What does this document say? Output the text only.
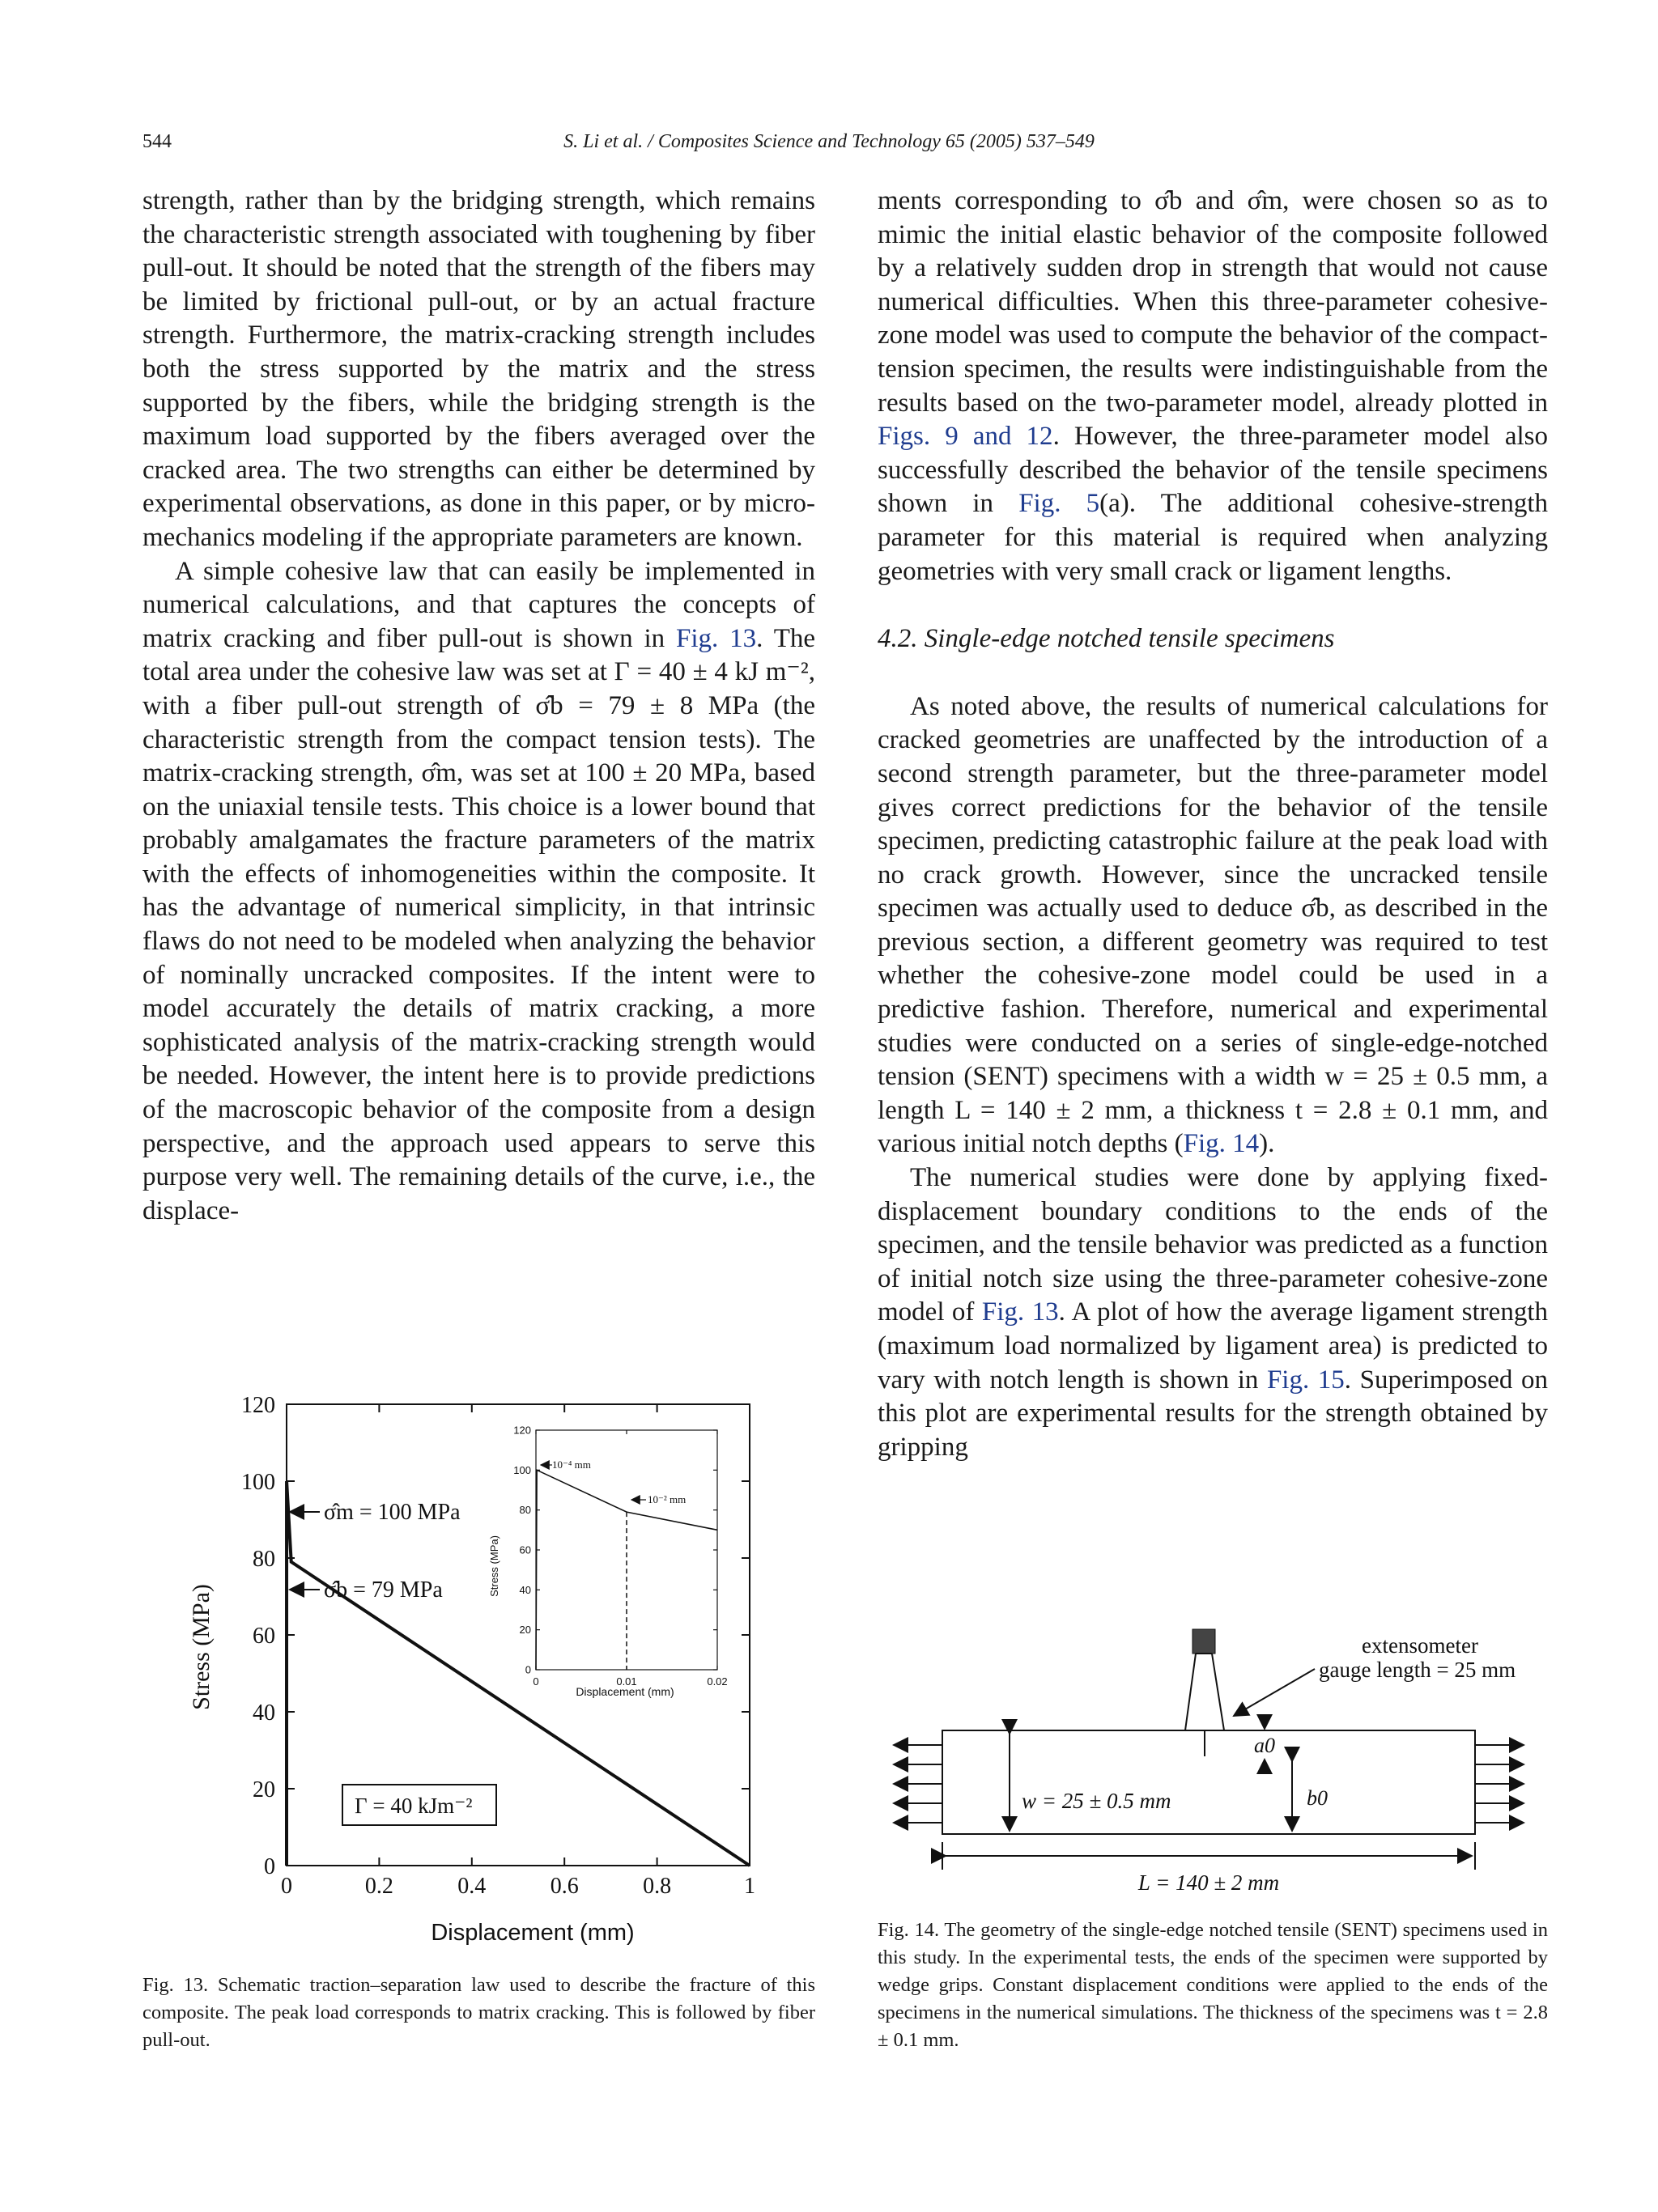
544	S. Li et al. / Composites Science and Technology 65 (2005) 537–549

strength, rather than by the bridging strength, which remains the characteristic strength associated with toughening by fiber pull-out. It should be noted that the strength of the fibers may be limited by frictional pull-out, or by an actual fracture strength. Furthermore, the matrix-cracking strength includes both the stress supported by the matrix and the stress supported by the fibers, while the bridging strength is the maximum load supported by the fibers averaged over the cracked area. The two strengths can either be determined by experimental observations, as done in this paper, or by micro-mechanics modeling if the appropriate parameters are known.

A simple cohesive law that can easily be implemented in numerical calculations, and that captures the concepts of matrix cracking and fiber pull-out is shown in Fig. 13. The total area under the cohesive law was set at Γ = 40 ± 4 kJ m⁻², with a fiber pull-out strength of σ̂b = 79 ± 8 MPa (the characteristic strength from the compact tension tests). The matrix-cracking strength, σ̂m, was set at 100 ± 20 MPa, based on the uniaxial tensile tests. This choice is a lower bound that probably amalgamates the fracture parameters of the matrix with the effects of inhomogeneities within the composite. It has the advantage of numerical simplicity, in that intrinsic flaws do not need to be modeled when analyzing the behavior of nominally uncracked composites. If the intent were to model accurately the details of matrix cracking, a more sophisticated analysis of the matrix-cracking strength would be needed. However, the intent here is to provide predictions of the macroscopic behavior of the composite from a design perspective, and the approach used appears to serve this purpose very well. The remaining details of the curve, i.e., the displace-

ments corresponding to σ̂b and σ̂m, were chosen so as to mimic the initial elastic behavior of the composite followed by a relatively sudden drop in strength that would not cause numerical difficulties. When this three-parameter cohesive-zone model was used to compute the behavior of the compact-tension specimen, the results were indistinguishable from the results based on the two-parameter model, already plotted in Figs. 9 and 12. However, the three-parameter model also successfully described the behavior of the tensile specimens shown in Fig. 5(a). The additional cohesive-strength parameter for this material is required when analyzing geometries with very small crack or ligament lengths.

4.2. Single-edge notched tensile specimens

As noted above, the results of numerical calculations for cracked geometries are unaffected by the introduction of a second strength parameter, but the three-parameter model gives correct predictions for the behavior of the tensile specimen, predicting catastrophic failure at the peak load with no crack growth. However, since the uncracked tensile specimen was actually used to deduce σ̂b, as described in the previous section, a different geometry was required to test whether the cohesive-zone model could be used in a predictive fashion. Therefore, numerical and experimental studies were conducted on a series of single-edge-notched tension (SENT) specimens with a width w = 25 ± 0.5 mm, a length L = 140 ± 2 mm, a thickness t = 2.8 ± 0.1 mm, and various initial notch depths (Fig. 14).

The numerical studies were done by applying fixed-displacement boundary conditions to the ends of the specimen, and the tensile behavior was predicted as a function of initial notch size using the three-parameter cohesive-zone model of Fig. 13. A plot of how the average ligament strength (maximum load normalized by ligament area) is predicted to vary with notch length is shown in Fig. 15. Superimposed on this plot are experimental results for the strength obtained by gripping

0	0.2	0.4	0.6	0.8	1
0
20
40
60
80
100
120
Stress (MPa)
Displacement (mm)
σ̂m = 100 MPa
σ̂b = 79 MPa
Γ = 40 kJm⁻²
0	0.01	0.02
0
20
40
60
80
100
120
Stress (MPa)
Displacement (mm)
10⁻⁴ mm
10⁻² mm
Fig. 13. Schematic traction–separation law used to describe the fracture of this composite. The peak load corresponds to matrix cracking. This is followed by fiber pull-out.
extensometer
gauge length = 25 mm
w = 25 ± 0.5 mm
a0
b0
L = 140 ± 2 mm
Fig. 14. The geometry of the single-edge notched tensile (SENT) specimens used in this study. In the experimental tests, the ends of the specimen were supported by wedge grips. Constant displacement conditions were applied to the ends of the specimens in the numerical simulations. The thickness of the specimens was t = 2.8 ± 0.1 mm.
